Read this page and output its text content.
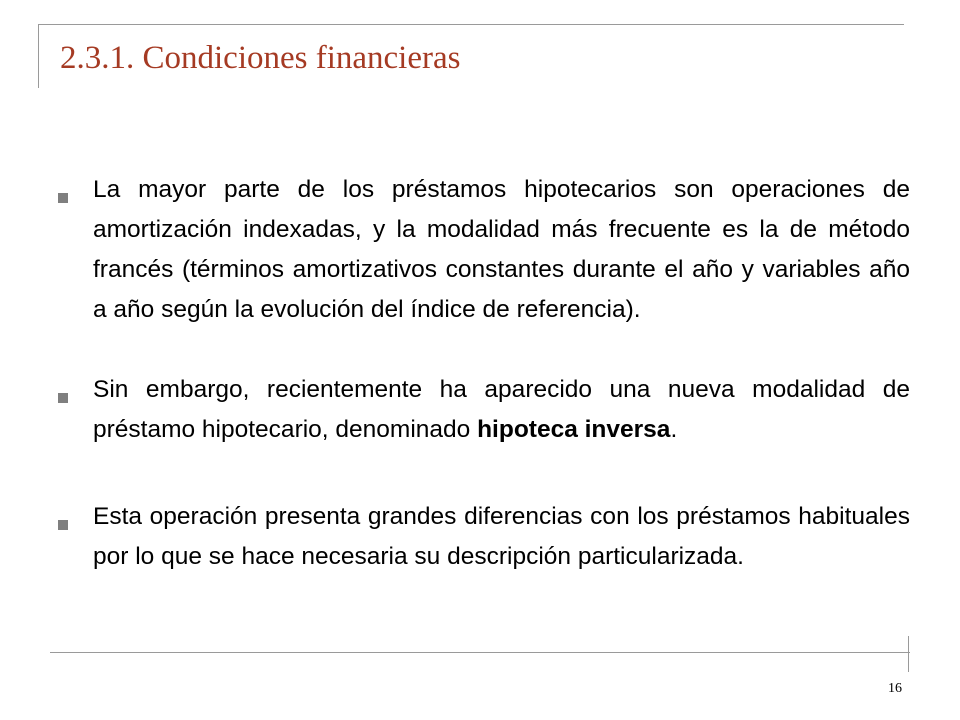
2.3.1. Condiciones financieras

La mayor parte de los préstamos hipotecarios son operaciones de amortización indexadas, y la modalidad más frecuente es la de método francés (términos amortizativos constantes durante el año y variables año a año según la evolución del índice de referencia).

Sin embargo, recientemente ha aparecido una nueva modalidad de préstamo hipotecario, denominado hipoteca inversa.

Esta operación presenta grandes diferencias con los préstamos habituales por lo que se hace necesaria su descripción particularizada.

16
